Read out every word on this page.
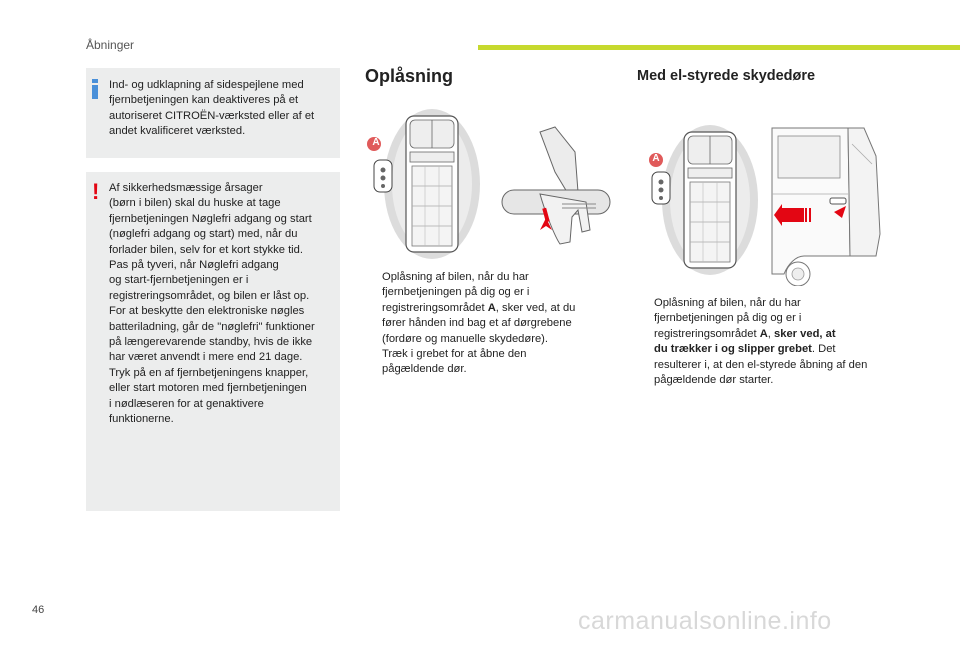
Åbninger
Ind- og udklapning af sidespejlene med
fjernbetjeningen kan deaktiveres på et
autoriseret CITROËN-værksted eller af et
andet kvalificeret værksted.
! Af sikkerhedsmæssige årsager
(børn i bilen) skal du huske at tage
fjernbetjeningen Nøglefri adgang og start
(nøglefri adgang og start) med, når du
forlader bilen, selv for et kort stykke tid.
Pas på tyveri, når Nøglefri adgang
og start-fjernbetjeningen er i
registreringsområdet, og bilen er låst op.
For at beskytte den elektroniske nøgles
batteriladning, går de "nøglefri" funktioner
på længerevarende standby, hvis de ikke
har været anvendt i mere end 21 dage.
Tryk på en af fjernbetjeningens knapper,
eller start motoren med fjernbetjeningen
i nødlæseren for at genaktivere
funktionerne.
Oplåsning
A
Oplåsning af bilen, når du har
fjernbetjeningen på dig og er i
registreringsområdet A, sker ved, at du
fører hånden ind bag et af dørgrebene
(fordøre og manuelle skydedøre).
Træk i grebet for at åbne den
pågældende dør.
Med el-styrede skydedøre
A
Oplåsning af bilen, når du har
fjernbetjeningen på dig og er i
registreringsområdet A, sker ved, at
du trækker i og slipper grebet. Det
resulterer i, at den el-styrede åbning af den
pågældende dør starter.
46	carmanualsonline.info
